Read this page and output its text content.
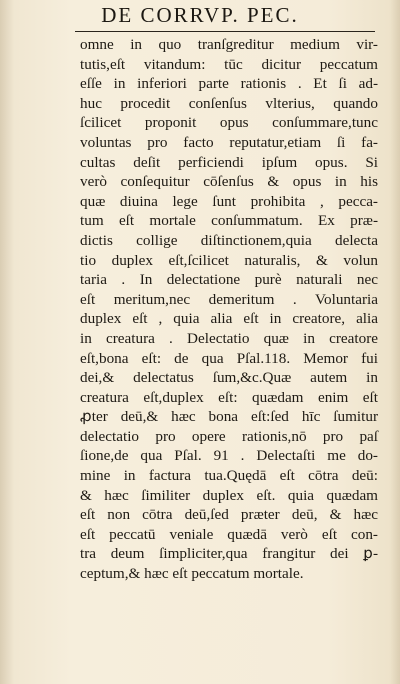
DE CORRVP. PEC.
omne in quo tranſgreditur medium vir-
tutis,eſt vitandum: tūc dicitur peccatum
eſſe in inferiori parte rationis . Et ſi ad-
huc procedit conſenſus vlterius, quando
ſcilicet proponit opus conſummare,tunc
voluntas pro facto reputatur,etiam ſi fa-
cultas deſit perficiendi ipſum opus. Si
verò conſequitur cōſenſus & opus in his
quæ diuina lege ſunt prohibita , pecca-
tum eſt mortale conſummatum. Ex præ-
dictis collige diſtinctionem,quia delecta
tio duplex eſt,ſcilicet naturalis, & volun
taria . In delectatione purè naturali nec
eſt meritum,nec demeritum . Voluntaria
duplex eſt , quia alia eſt in creatore, alia
in creatura . Delectatio quæ in creatore
eſt,bona eſt: de qua Pſal.118. Memor fui
dei,& delectatus ſum,&c.Quæ autem in
creatura eſt,duplex eſt: quædam enim eſt
ꝓter deū,& hæc bona eſt:ſed hīc ſumitur
delectatio pro opere rationis,nō pro paſ
ſione,de qua Pſal. 91 . Delectaſti me do-
mine in factura tua.Quędā eſt cōtra deū:
& hæc ſimiliter duplex eſt. quia quædam
eſt non cōtra deū,ſed præter deū, & hæc
eſt peccatū veniale quædā verò eſt con-
tra deum ſimpliciter,qua frangitur dei ꝑ-
ceptum,& hæc eſt peccatum mortale.
